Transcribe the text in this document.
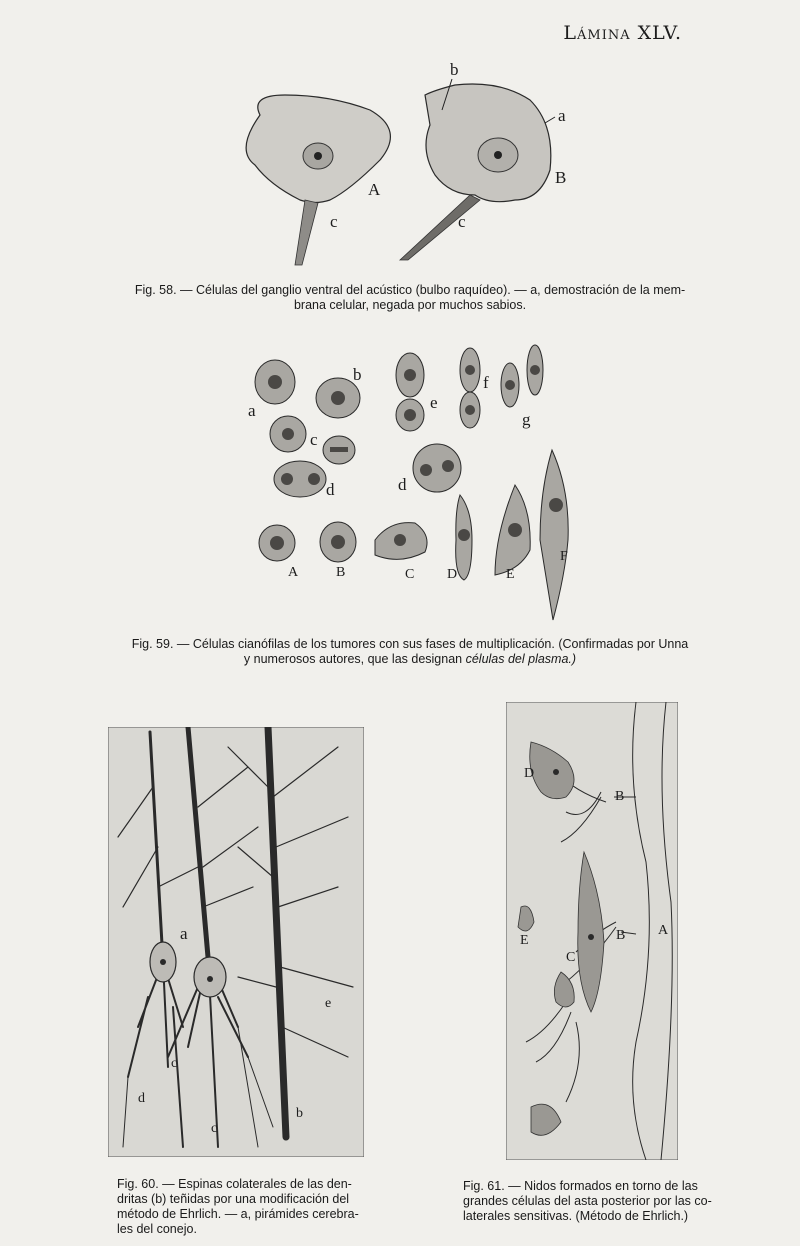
Lámina XLV.
b
a
A
B
c	c
Fig. 58. — Células del ganglio ventral del acústico (bulbo raquídeo). — a, demostración de la mem-
brana celular, negada por muchos sabios.
a
b
c
d	d
e
f
g
A	B	C D	E
F
Fig. 59. — Células cianófilas de los tumores con sus fases de multiplicación. (Confirmadas por Unna
y numerosos autores, que las designan células del plasma.)
a
b
c
c
d
e
Fig. 60. — Espinas colaterales de las den-
dritas (b) teñidas por una modificación del
método de Ehrlich. — a, pirámides cerebra-
les del conejo.
D
B
B A
E
C
Fig. 61. — Nidos formados en torno de las
grandes células del asta posterior por las co-
laterales sensitivas. (Método de Ehrlich.)
